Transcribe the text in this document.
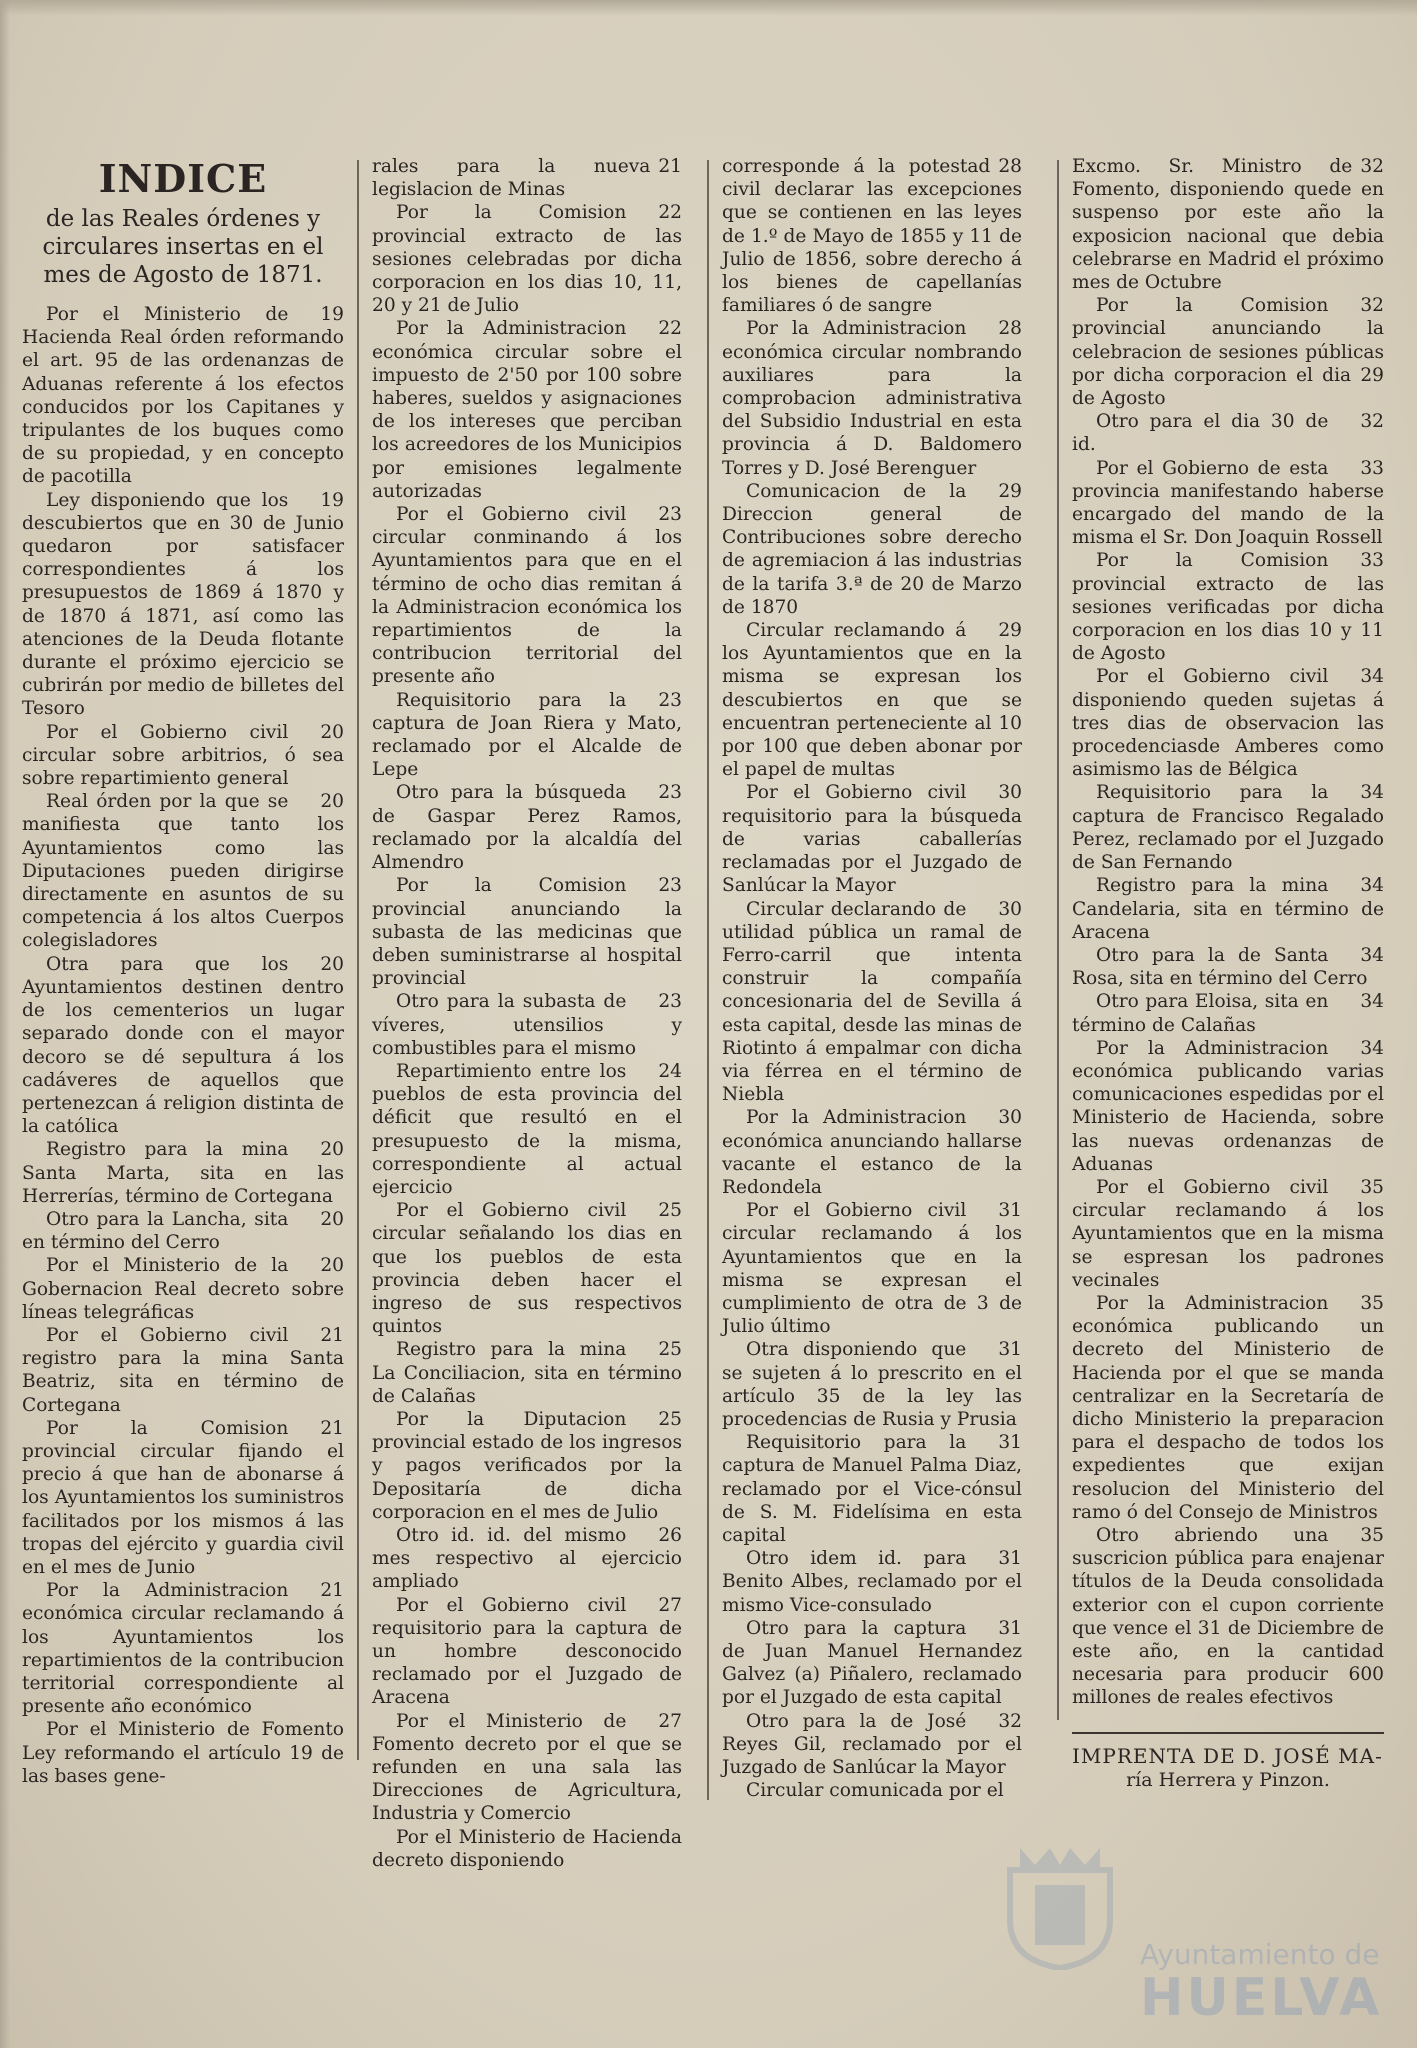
INDICE
de las Reales órdenes y circulares insertas en el mes de Agosto de 1871.

19
Por el Ministerio de Hacienda Real órden reformando el art. 95 de las ordenanzas de Aduanas referente á los efectos conducidos por los Capitanes y tripulantes de los buques como de su propiedad, y en concepto de pacotilla

19
Ley disponiendo que los descubiertos que en 30 de Junio quedaron por satisfacer correspondientes á los presupuestos de 1869 á 1870 y de 1870 á 1871, así como las atenciones de la Deuda flotante durante el próximo ejercicio se cubrirán por medio de billetes del Tesoro

20
Por el Gobierno civil circular sobre arbitrios, ó sea sobre repartimiento general

20
Real órden por la que se manifiesta que tanto los Ayuntamientos como las Diputaciones pueden dirigirse directamente en asuntos de su competencia á los altos Cuerpos colegisladores

20
Otra para que los Ayuntamientos destinen dentro de los cementerios un lugar separado donde con el mayor decoro se dé sepultura á los cadáveres de aquellos que pertenezcan á religion distinta de la católica

20
Registro para la mina Santa Marta, sita en las Herrerías, término de Cortegana

20
Otro para la Lancha, sita en término del Cerro

20
Por el Ministerio de la Gobernacion Real decreto sobre líneas telegráficas

21
Por el Gobierno civil registro para la mina Santa Beatriz, sita en término de Cortegana

21
Por la Comision provincial circular fijando el precio á que han de abonarse á los Ayuntamientos los suministros facilitados por los mismos á las tropas del ejército y guardia civil en el mes de Junio

21
Por la Administracion económica circular reclamando á los Ayuntamientos los repartimientos de la contribucion territorial correspondiente al presente año económico

Por el Ministerio de Fomento Ley reformando el artículo 19 de las bases gene-

21
rales para la nueva legislacion de Minas

22
Por la Comision provincial extracto de las sesiones celebradas por dicha corporacion en los dias 10, 11, 20 y 21 de Julio

22
Por la Administracion económica circular sobre el impuesto de 2'50 por 100 sobre haberes, sueldos y asignaciones de los intereses que perciban los acreedores de los Municipios por emisiones legalmente autorizadas

23
Por el Gobierno civil circular conminando á los Ayuntamientos para que en el término de ocho dias remitan á la Administracion económica los repartimientos de la contribucion territorial del presente año

23
Requisitorio para la captura de Joan Riera y Mato, reclamado por el Alcalde de Lepe

23
Otro para la búsqueda de Gaspar Perez Ramos, reclamado por la alcaldía del Almendro

23
Por la Comision provincial anunciando la subasta de las medicinas que deben suministrarse al hospital provincial

23
Otro para la subasta de víveres, utensilios y combustibles para el mismo

24
Repartimiento entre los pueblos de esta provincia del déficit que resultó en el presupuesto de la misma, correspondiente al actual ejercicio

25
Por el Gobierno civil circular señalando los dias en que los pueblos de esta provincia deben hacer el ingreso de sus respectivos quintos

25
Registro para la mina La Conciliacion, sita en término de Calañas

25
Por la Diputacion provincial estado de los ingresos y pagos verificados por la Depositaría de dicha corporacion en el mes de Julio

26
Otro id. id. del mismo mes respectivo al ejercicio ampliado

27
Por el Gobierno civil requisitorio para la captura de un hombre desconocido reclamado por el Juzgado de Aracena

27
Por el Ministerio de Fomento decreto por el que se refunden en una sala las Direcciones de Agricultura, Industria y Comercio

Por el Ministerio de Hacienda decreto disponiendo

28
corresponde á la potestad civil declarar las excepciones que se contienen en las leyes de 1.º de Mayo de 1855 y 11 de Julio de 1856, sobre derecho á los bienes de capellanías familiares ó de sangre

28
Por la Administracion económica circular nombrando auxiliares para la comprobacion administrativa del Subsidio Industrial en esta provincia á D. Baldomero Torres y D. José Berenguer

29
Comunicacion de la Direccion general de Contribuciones sobre derecho de agremiacion á las industrias de la tarifa 3.ª de 20 de Marzo de 1870

29
Circular reclamando á los Ayuntamientos que en la misma se expresan los descubiertos en que se encuentran perteneciente al 10 por 100 que deben abonar por el papel de multas

30
Por el Gobierno civil requisitorio para la búsqueda de varias caballerías reclamadas por el Juzgado de Sanlúcar la Mayor

30
Circular declarando de utilidad pública un ramal de Ferro-carril que intenta construir la compañía concesionaria del de Sevilla á esta capital, desde las minas de Riotinto á empalmar con dicha via férrea en el término de Niebla

30
Por la Administracion económica anunciando hallarse vacante el estanco de la Redondela

31
Por el Gobierno civil circular reclamando á los Ayuntamientos que en la misma se expresan el cumplimiento de otra de 3 de Julio último

31
Otra disponiendo que se sujeten á lo prescrito en el artículo 35 de la ley las procedencias de Rusia y Prusia

31
Requisitorio para la captura de Manuel Palma Diaz, reclamado por el Vice-cónsul de S. M. Fidelísima en esta capital

31
Otro idem id. para Benito Albes, reclamado por el mismo Vice-consulado

31
Otro para la captura de Juan Manuel Hernandez Galvez (a) Piñalero, reclamado por el Juzgado de esta capital

32
Otro para la de José Reyes Gil, reclamado por el Juzgado de Sanlúcar la Mayor

Circular comunicada por el

32
Excmo. Sr. Ministro de Fomento, disponiendo quede en suspenso por este año la exposicion nacional que debia celebrarse en Madrid el próximo mes de Octubre

32
Por la Comision provincial anunciando la celebracion de sesiones públicas por dicha corporacion el dia 29 de Agosto

32
Otro para el dia 30 de id.

33
Por el Gobierno de esta provincia manifestando haberse encargado del mando de la misma el Sr. Don Joaquin Rossell

33
Por la Comision provincial extracto de las sesiones verificadas por dicha corporacion en los dias 10 y 11 de Agosto

34
Por el Gobierno civil disponiendo queden sujetas á tres dias de observacion las procedenciasde Amberes como asimismo las de Bélgica

34
Requisitorio para la captura de Francisco Regalado Perez, reclamado por el Juzgado de San Fernando

34
Registro para la mina Candelaria, sita en término de Aracena

34
Otro para la de Santa Rosa, sita en término del Cerro

34
Otro para Eloisa, sita en término de Calañas

34
Por la Administracion económica publicando varias comunicaciones espedidas por el Ministerio de Hacienda, sobre las nuevas ordenanzas de Aduanas

35
Por el Gobierno civil circular reclamando á los Ayuntamientos que en la misma se espresan los padrones vecinales

35
Por la Administracion económica publicando un decreto del Ministerio de Hacienda por el que se manda centralizar en la Secretaría de dicho Ministerio la preparacion para el despacho de todos los expedientes que exijan resolucion del Ministerio del ramo ó del Consejo de Ministros

35
Otro abriendo una suscricion pública para enajenar títulos de la Deuda consolidada exterior con el cupon corriente que vence el 31 de Diciembre de este año, en la cantidad necesaria para producir 600 millones de reales efectivos

IMPRENTA DE D. JOSÉ MA-
ría Herrera y Pinzon.
Ayuntamiento de
HUELVA
